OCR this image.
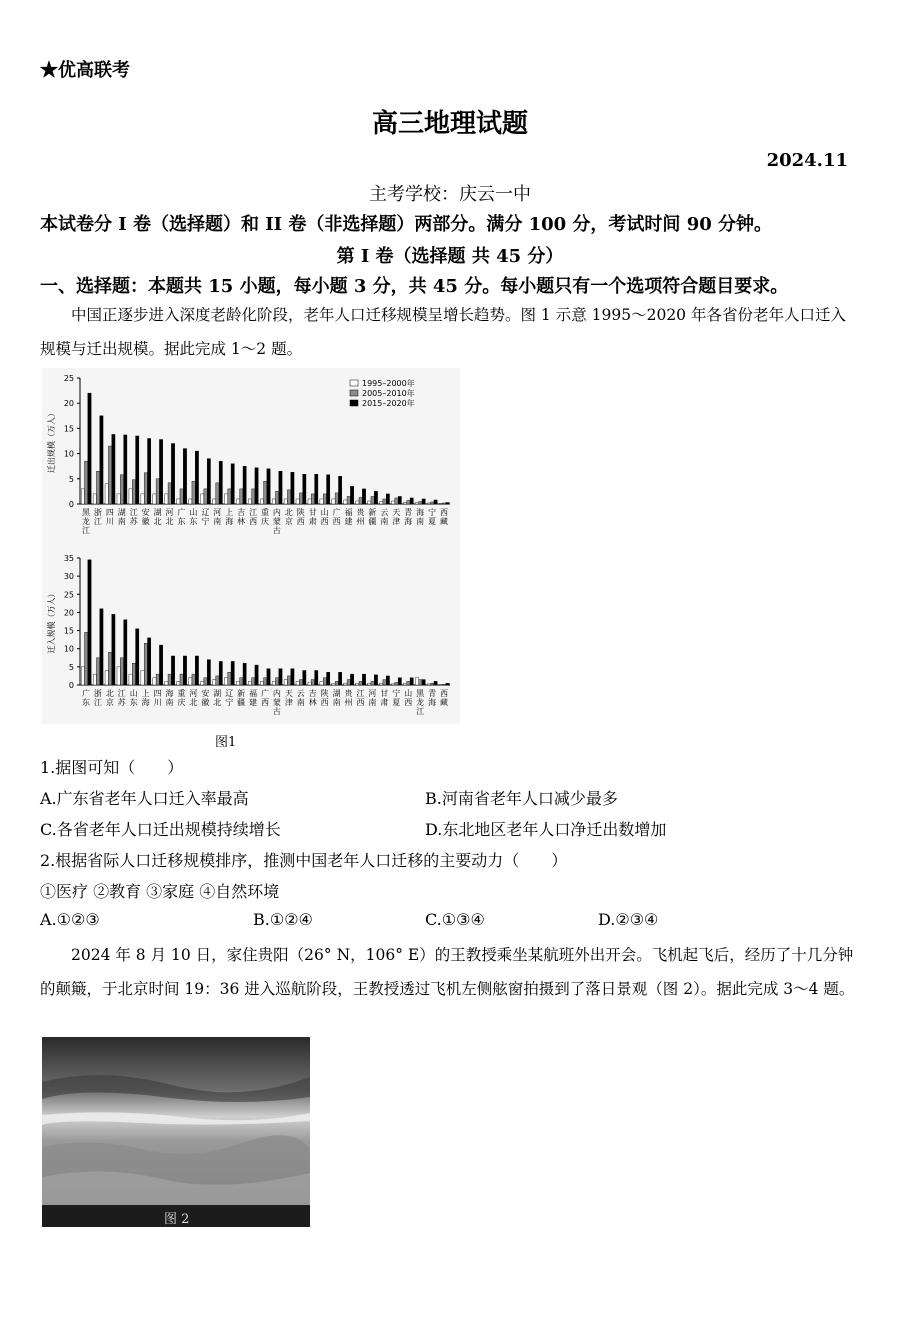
★优高联考
高三地理试题
2024.11
主考学校：庆云一中
本试卷分 I 卷（选择题）和 II 卷（非选择题）两部分。满分 100 分，考试时间 90 分钟。
第 I 卷（选择题 共 45 分）
一、选择题：本题共 15 小题，每小题 3 分，共 45 分。每小题只有一个选项符合题目要求。
中国正逐步进入深度老龄化阶段，老年人口迁移规模呈增长趋势。图 1 示意 1995～2020 年各省份老年人口迁入规模与迁出规模。据此完成 1～2 题。
0
5
10
15
20
25
迁出规模（万人）
黑龙江
浙江
四川
湖南
江苏
安徽
湖北
河北
广东
山东
辽宁
河南
上海
吉林
江西
重庆
内蒙古
北京
陕西
甘肃
山西
广西
福建
贵州
新疆
云南
天津
青海
海南
宁夏
西藏
1995–2000年
2005–2010年
2015–2020年
0
5
10
15
20
25
30
35
迁入规模（万人）
广东
浙江
北京
江苏
山东
上海
四川
海南
重庆
河北
安徽
湖北
辽宁
新疆
福建
广西
内蒙古
天津
云南
吉林
陕西
湖南
贵州
江西
河南
甘肃
宁夏
山西
黑龙江
青海
西藏
图1
1.据图可知（　　）
A.广东省老年人口迁入率最高	B.河南省老年人口减少最多
C.各省老年人口迁出规模持续增长	D.东北地区老年人口净迁出数增加
2.根据省际人口迁移规模排序，推测中国老年人口迁移的主要动力（　　）
①医疗 ②教育 ③家庭 ④自然环境
A.①②③	B.①②④	C.①③④	D.②③④
2024 年 8 月 10 日，家住贵阳（26° N，106° E）的王教授乘坐某航班外出开会。飞机起飞后，经历了十几分钟的颠簸，于北京时间 19：36 进入巡航阶段，王教授透过飞机左侧舷窗拍摄到了落日景观（图 2）。据此完成 3～4 题。
图 2
